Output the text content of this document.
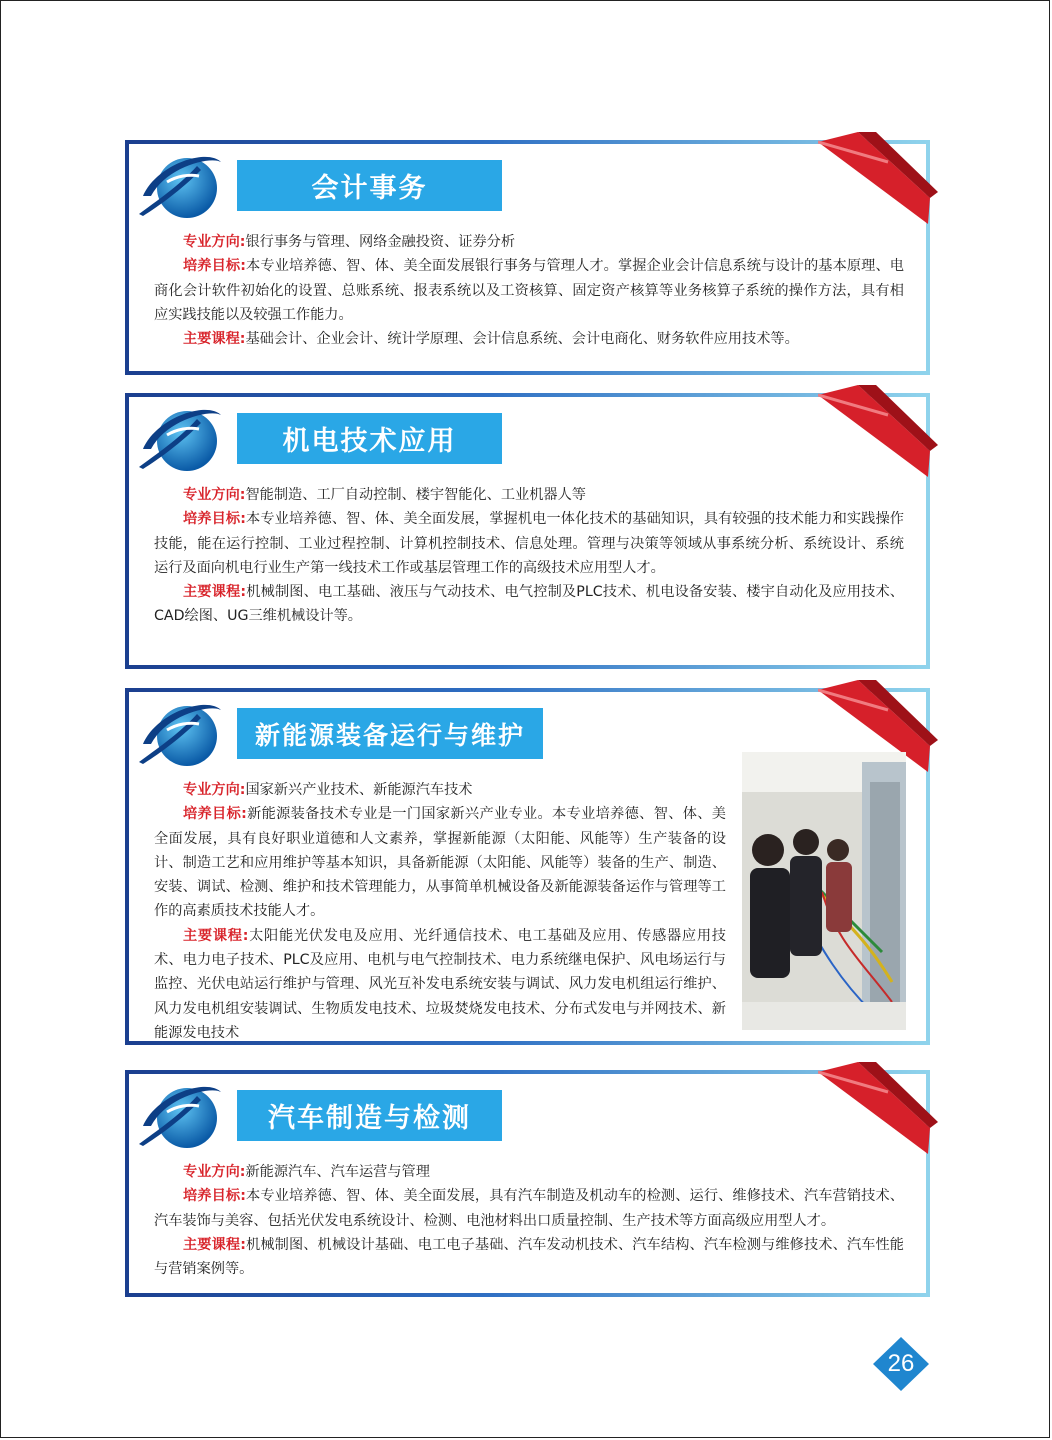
会计事务

专业方向:银行事务与管理、网络金融投资、证券分析

培养目标:本专业培养德、智、体、美全面发展银行事务与管理人才。掌握企业会计信息系统与设计的基本原理、电商化会计软件初始化的设置、总账系统、报表系统以及工资核算、固定资产核算等业务核算子系统的操作方法，具有相应实践技能以及较强工作能力。

主要课程:基础会计、企业会计、统计学原理、会计信息系统、会计电商化、财务软件应用技术等。

机电技术应用

专业方向:智能制造、工厂自动控制、楼宇智能化、工业机器人等

培养目标:本专业培养德、智、体、美全面发展，掌握机电一体化技术的基础知识，具有较强的技术能力和实践操作技能，能在运行控制、工业过程控制、计算机控制技术、信息处理。管理与决策等领域从事系统分析、系统设计、系统运行及面向机电行业生产第一线技术工作或基层管理工作的高级技术应用型人才。

主要课程:机械制图、电工基础、液压与气动技术、电气控制及PLC技术、机电设备安装、楼宇自动化及应用技术、CAD绘图、UG三维机械设计等。

新能源装备运行与维护

专业方向:国家新兴产业技术、新能源汽车技术

培养目标:新能源装备技术专业是一门国家新兴产业专业。本专业培养德、智、体、美全面发展，具有良好职业道德和人文素养，掌握新能源（太阳能、风能等）生产装备的设计、制造工艺和应用维护等基本知识，具备新能源（太阳能、风能等）装备的生产、制造、安装、调试、检测、维护和技术管理能力，从事简单机械设备及新能源装备运作与管理等工作的高素质技术技能人才。

主要课程:太阳能光伏发电及应用、光纤通信技术、电工基础及应用、传感器应用技术、电力电子技术、PLC及应用、电机与电气控制技术、电力系统继电保护、风电场运行与监控、光伏电站运行维护与管理、风光互补发电系统安装与调试、风力发电机组运行维护、风力发电机组安装调试、生物质发电技术、垃圾焚烧发电技术、分布式发电与并网技术、新能源发电技术

汽车制造与检测

专业方向:新能源汽车、汽车运营与管理

培养目标:本专业培养德、智、体、美全面发展，具有汽车制造及机动车的检测、运行、维修技术、汽车营销技术、汽车装饰与美容、包括光伏发电系统设计、检测、电池材料出口质量控制、生产技术等方面高级应用型人才。

主要课程:机械制图、机械设计基础、电工电子基础、汽车发动机技术、汽车结构、汽车检测与维修技术、汽车性能与营销案例等。

26
